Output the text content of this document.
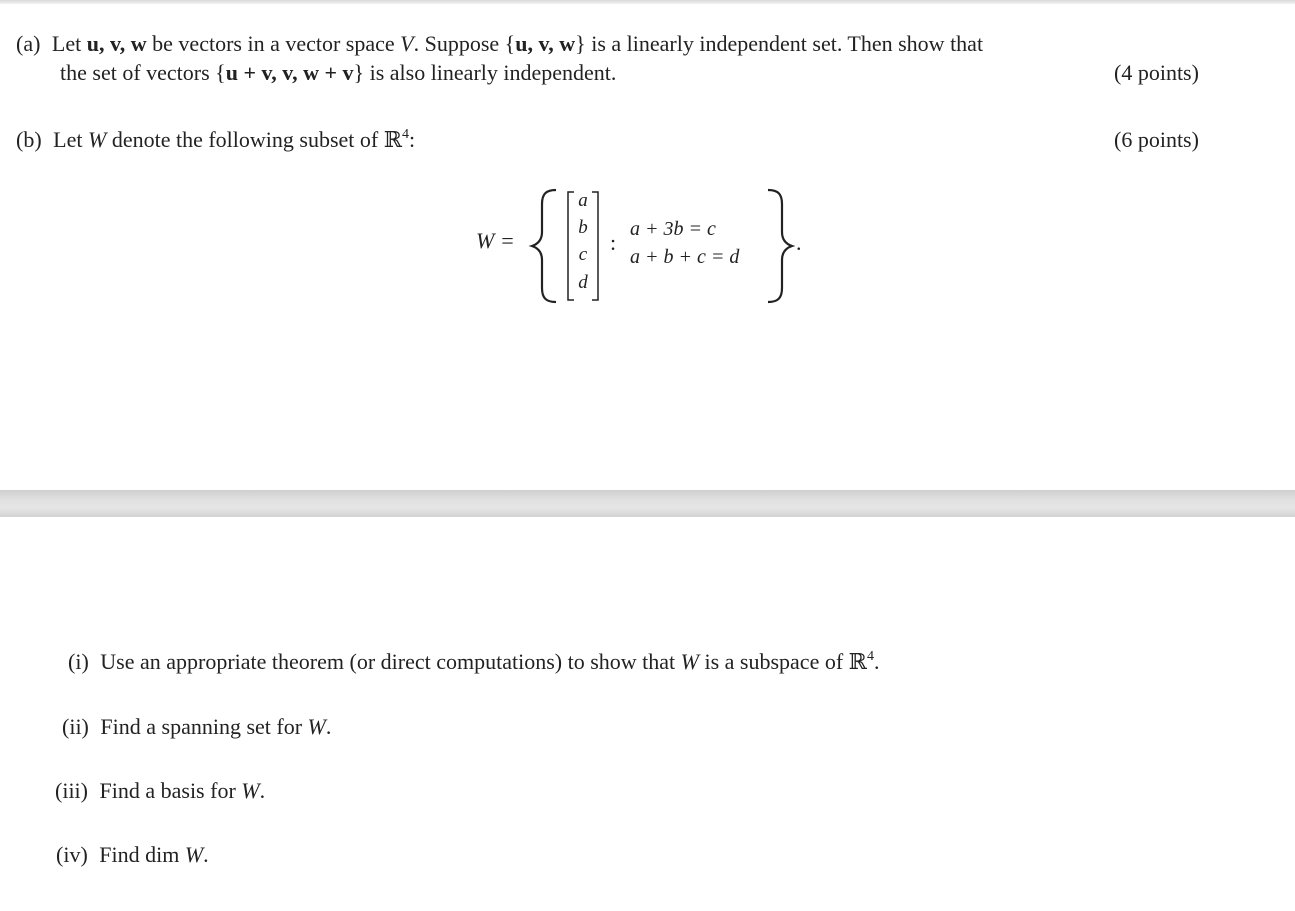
(a) Let u, v, w be vectors in a vector space V. Suppose {u, v, w} is a linearly independent set. Then show that
the set of vectors {u + v, v, w + v} is also linearly independent.	(4 points)
(b) Let W denote the following subset of ℝ$^4$:	(6 points)
W =
a
b
c
d
:
a + 3b = c
a + b + c = d
.
(i) Use an appropriate theorem (or direct computations) to show that W is a subspace of ℝ$^4$.
(ii) Find a spanning set for W.
(iii) Find a basis for W.
(iv) Find dim W.
